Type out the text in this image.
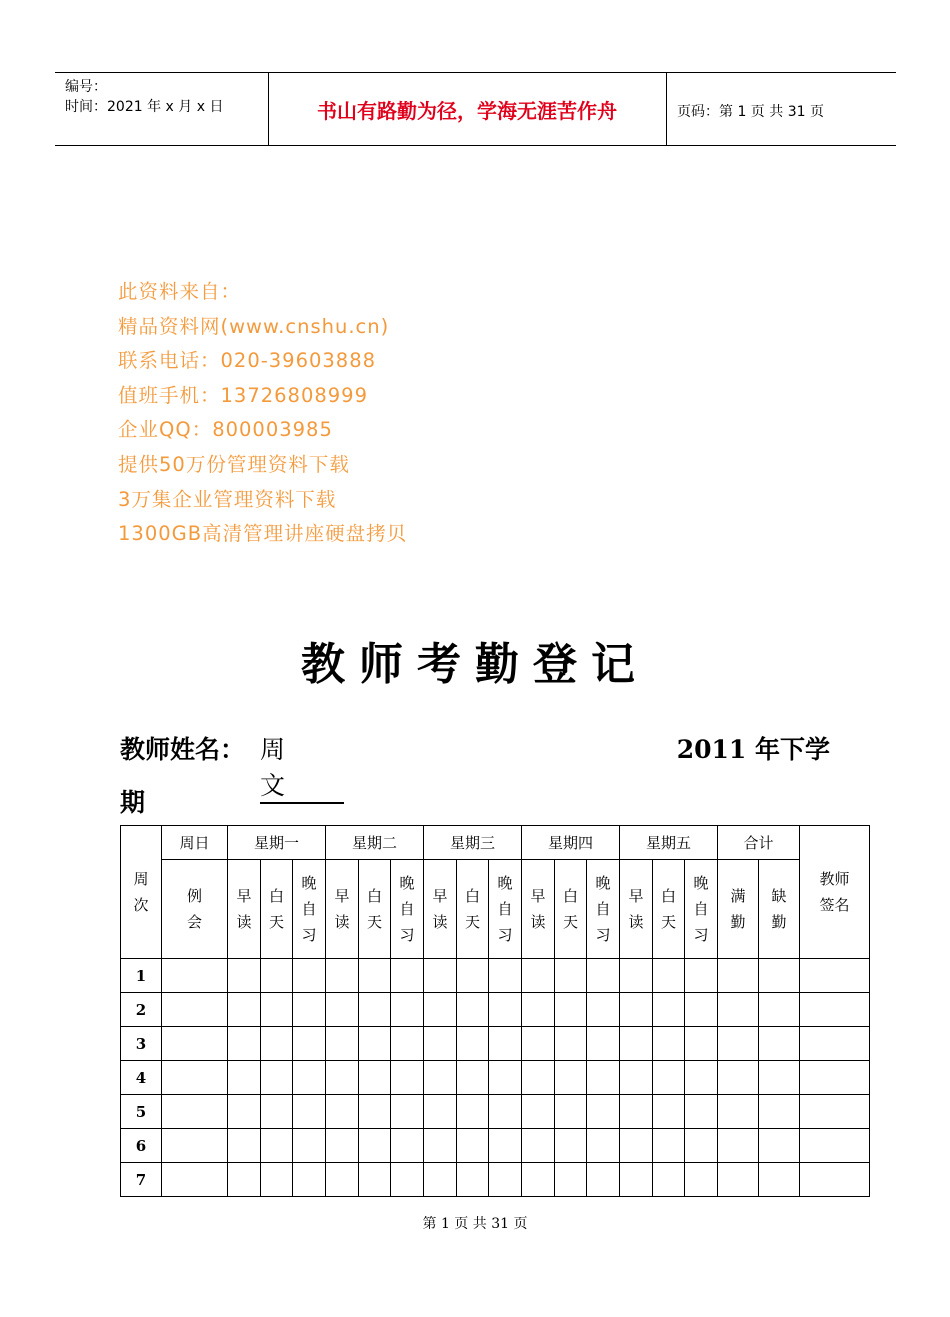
编号：
时间：2021 年 x 月 x 日	书山有路勤为径，学海无涯苦作舟	页码：第 1 页 共 31 页
此资料来自：
精品资料网(www.cnshu.cn)
联系电话：020-39603888
值班手机：13726808999
企业QQ：800003985
提供50万份管理资料下载
3万集企业管理资料下载
1300GB高清管理讲座硬盘拷贝
教师考勤登记
教师姓名： 周文
2011 年下学
期
周次	周日	星期一			星期二			星期三			星期四			星期五			合计		教师签名
	例会	早读	白天	晚自习	早读	白天	晚自习	早读	白天	晚自习	早读	白天	晚自习	早读	白天	晚自习	满勤	缺勤	
1																			
2																			
3																			
4																			
5																			
6																			
7																			
第 1 页 共 31 页
